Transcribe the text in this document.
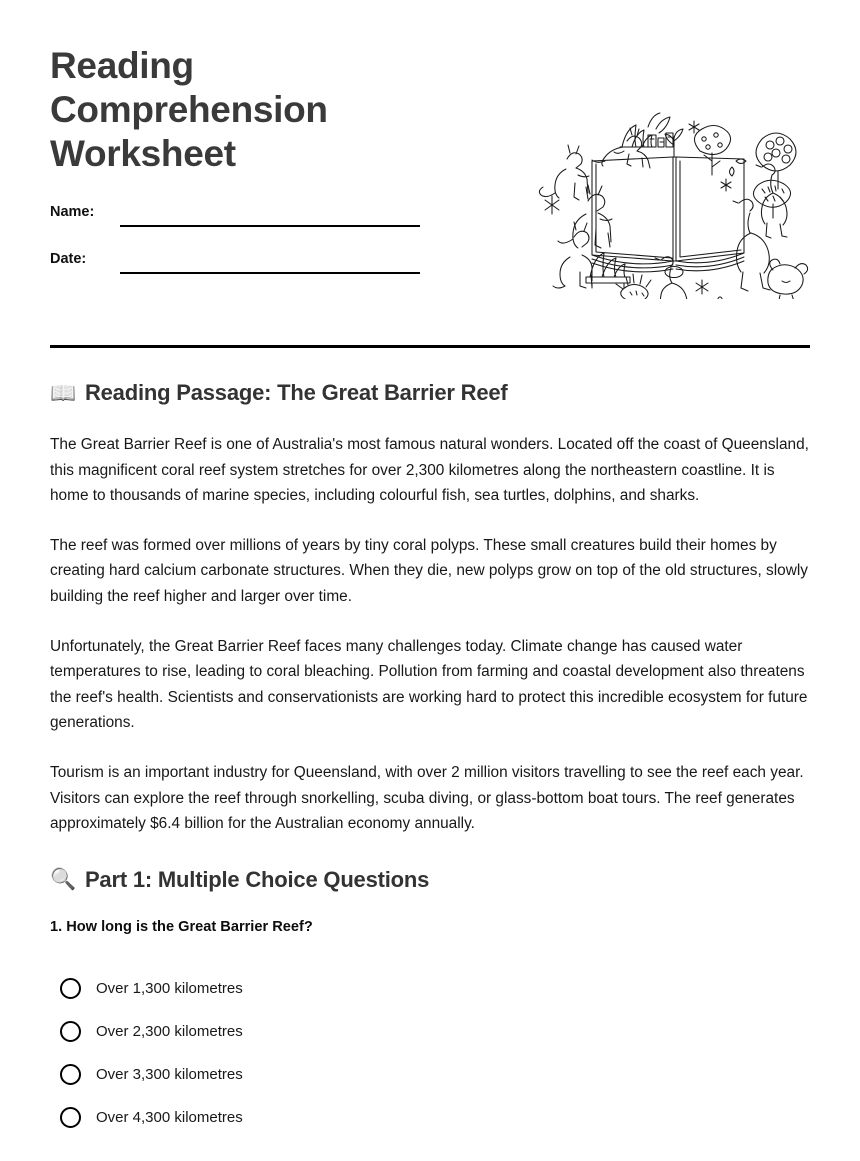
Reading Comprehension Worksheet
Name:
Date:
📖 Reading Passage: The Great Barrier Reef

The Great Barrier Reef is one of Australia's most famous natural wonders. Located off the coast of Queensland, this magnificent coral reef system stretches for over 2,300 kilometres along the northeastern coastline. It is home to thousands of marine species, including colourful fish, sea turtles, dolphins, and sharks.

The reef was formed over millions of years by tiny coral polyps. These small creatures build their homes by creating hard calcium carbonate structures. When they die, new polyps grow on top of the old structures, slowly building the reef higher and larger over time.

Unfortunately, the Great Barrier Reef faces many challenges today. Climate change has caused water temperatures to rise, leading to coral bleaching. Pollution from farming and coastal development also threatens the reef's health. Scientists and conservationists are working hard to protect this incredible ecosystem for future generations.

Tourism is an important industry for Queensland, with over 2 million visitors travelling to see the reef each year. Visitors can explore the reef through snorkelling, scuba diving, or glass-bottom boat tours. The reef generates approximately $6.4 billion for the Australian economy annually.

🔍 Part 1: Multiple Choice Questions

1. How long is the Great Barrier Reef?

Over 1,300 kilometres
Over 2,300 kilometres
Over 3,300 kilometres
Over 4,300 kilometres
